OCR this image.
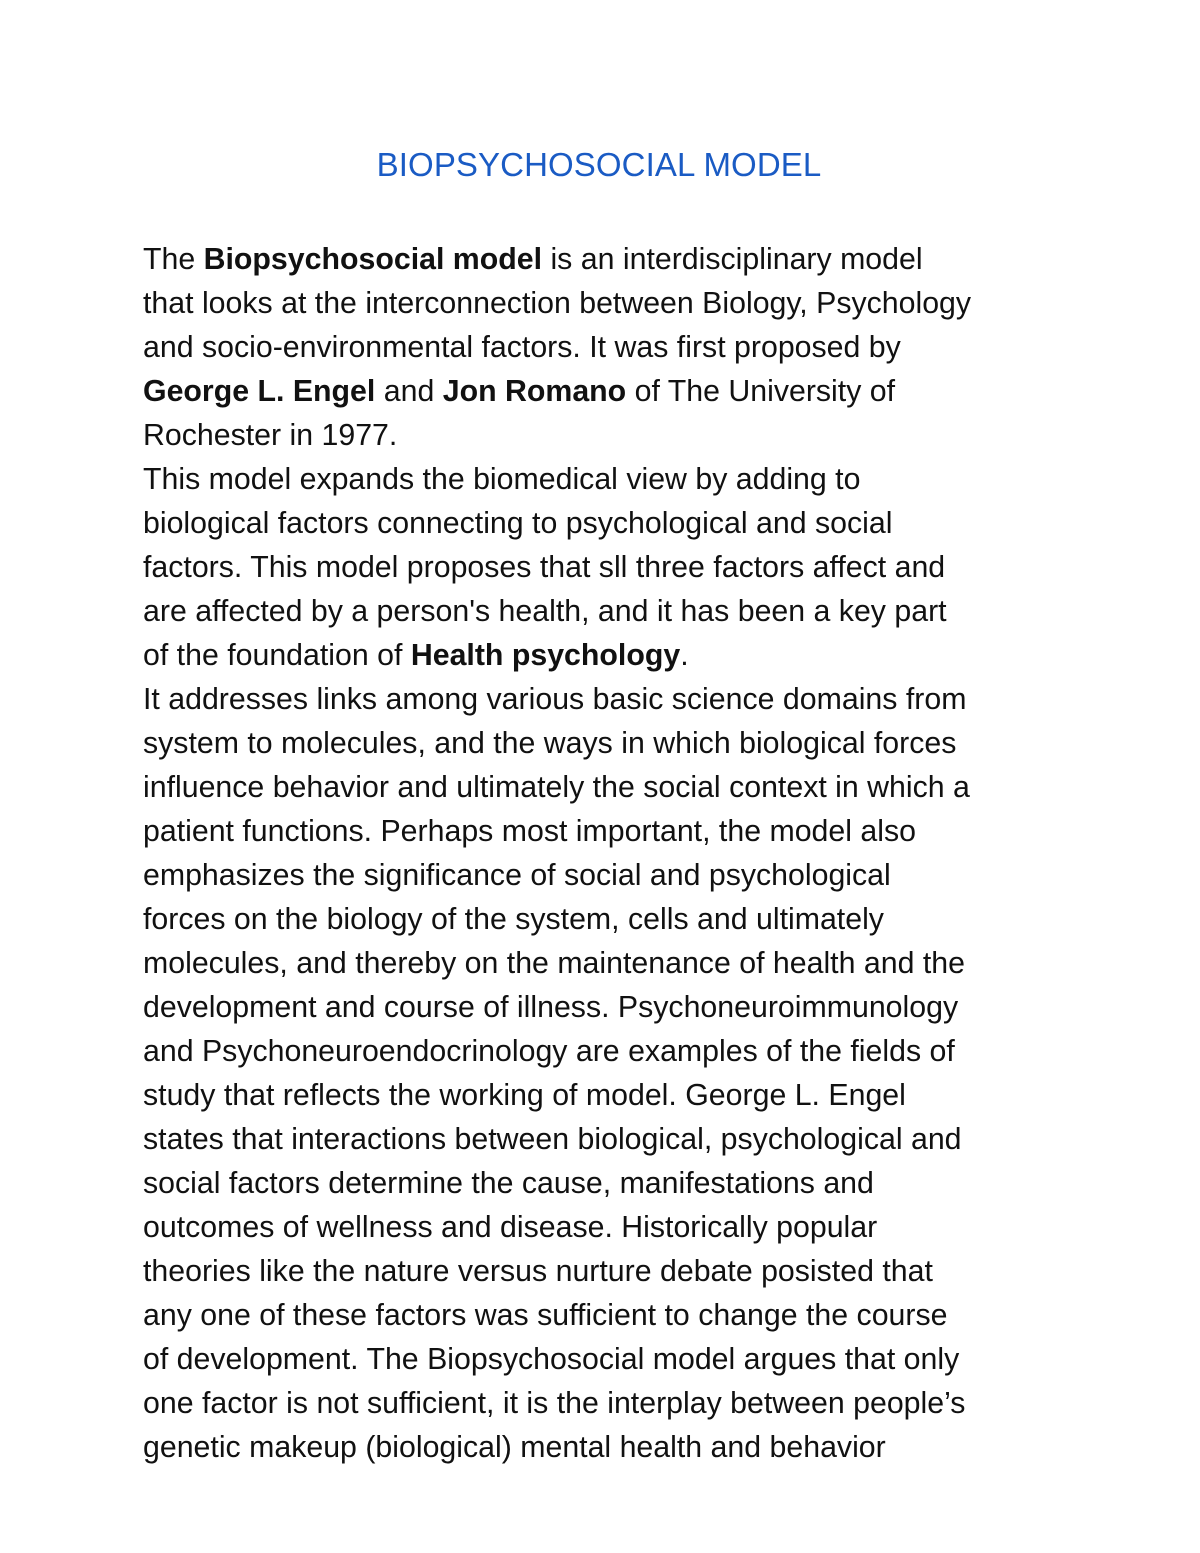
BIOPSYCHOSOCIAL MODEL
The Biopsychosocial model is an interdisciplinary model
that looks at the interconnection between Biology, Psychology
and socio-environmental factors. It was first proposed by
George L. Engel and Jon Romano of The University of
Rochester in 1977.
This model expands the biomedical view by adding to
biological factors connecting to psychological and social
factors. This model proposes that sll three factors affect and
are affected by a person's health, and it has been a key part
of the foundation of Health psychology.
It addresses links among various basic science domains from
system to molecules, and the ways in which biological forces
influence behavior and ultimately the social context in which a
patient functions. Perhaps most important, the model also
emphasizes the significance of social and psychological
forces on the biology of the system, cells and ultimately
molecules, and thereby on the maintenance of health and the
development and course of illness. Psychoneuroimmunology
and Psychoneuroendocrinology are examples of the fields of
study that reflects the working of model. George L. Engel
states that interactions between biological, psychological and
social factors determine the cause, manifestations and
outcomes of wellness and disease. Historically popular
theories like the nature versus nurture debate posisted that
any one of these factors was sufficient to change the course
of development. The Biopsychosocial model argues that only
one factor is not sufficient, it is the interplay between people’s
genetic makeup (biological) mental health and behavior
